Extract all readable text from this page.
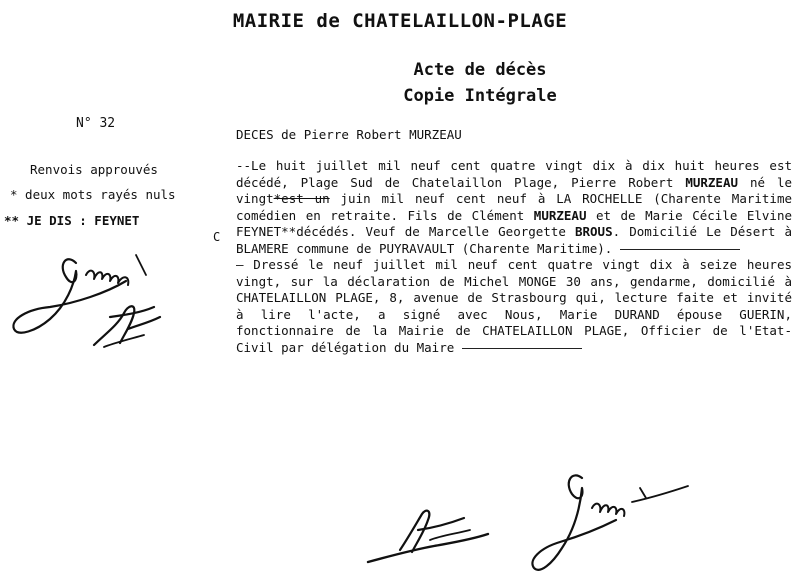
MAIRIE de CHATELAILLON-PLAGE
Acte de décès
Copie Intégrale
N° 32
Renvois approuvés
* deux mots rayés nuls
** JE DIS : FEYNET
C
DECES de Pierre Robert MURZEAU

--Le huit juillet mil neuf cent quatre vingt dix à dix huit heures est décédé, Plage Sud de Chatelaillon Plage, Pierre Robert MURZEAU né le vingt*est un juin mil neuf cent neuf à LA ROCHELLE (Charente Maritime comédien en retraite. Fils de Clément MURZEAU et de Marie Cécile Elvine FEYNET**décédés. Veuf de Marcelle Georgette BROUS. Domicilié Le Désert à BLAMERE commune de PUYRAVAULT (Charente Maritime).

— Dressé le neuf juillet mil neuf cent quatre vingt dix à seize heures vingt, sur la déclaration de Michel MONGE 30 ans, gendarme, domicilié à CHATELAILLON PLAGE, 8, avenue de Strasbourg qui, lecture faite et invité à lire l'acte, a signé avec Nous, Marie DURAND épouse GUERIN, fonctionnaire de la Mairie de CHATELAILLON PLAGE, Officier de l'Etat-Civil par délégation du Maire
